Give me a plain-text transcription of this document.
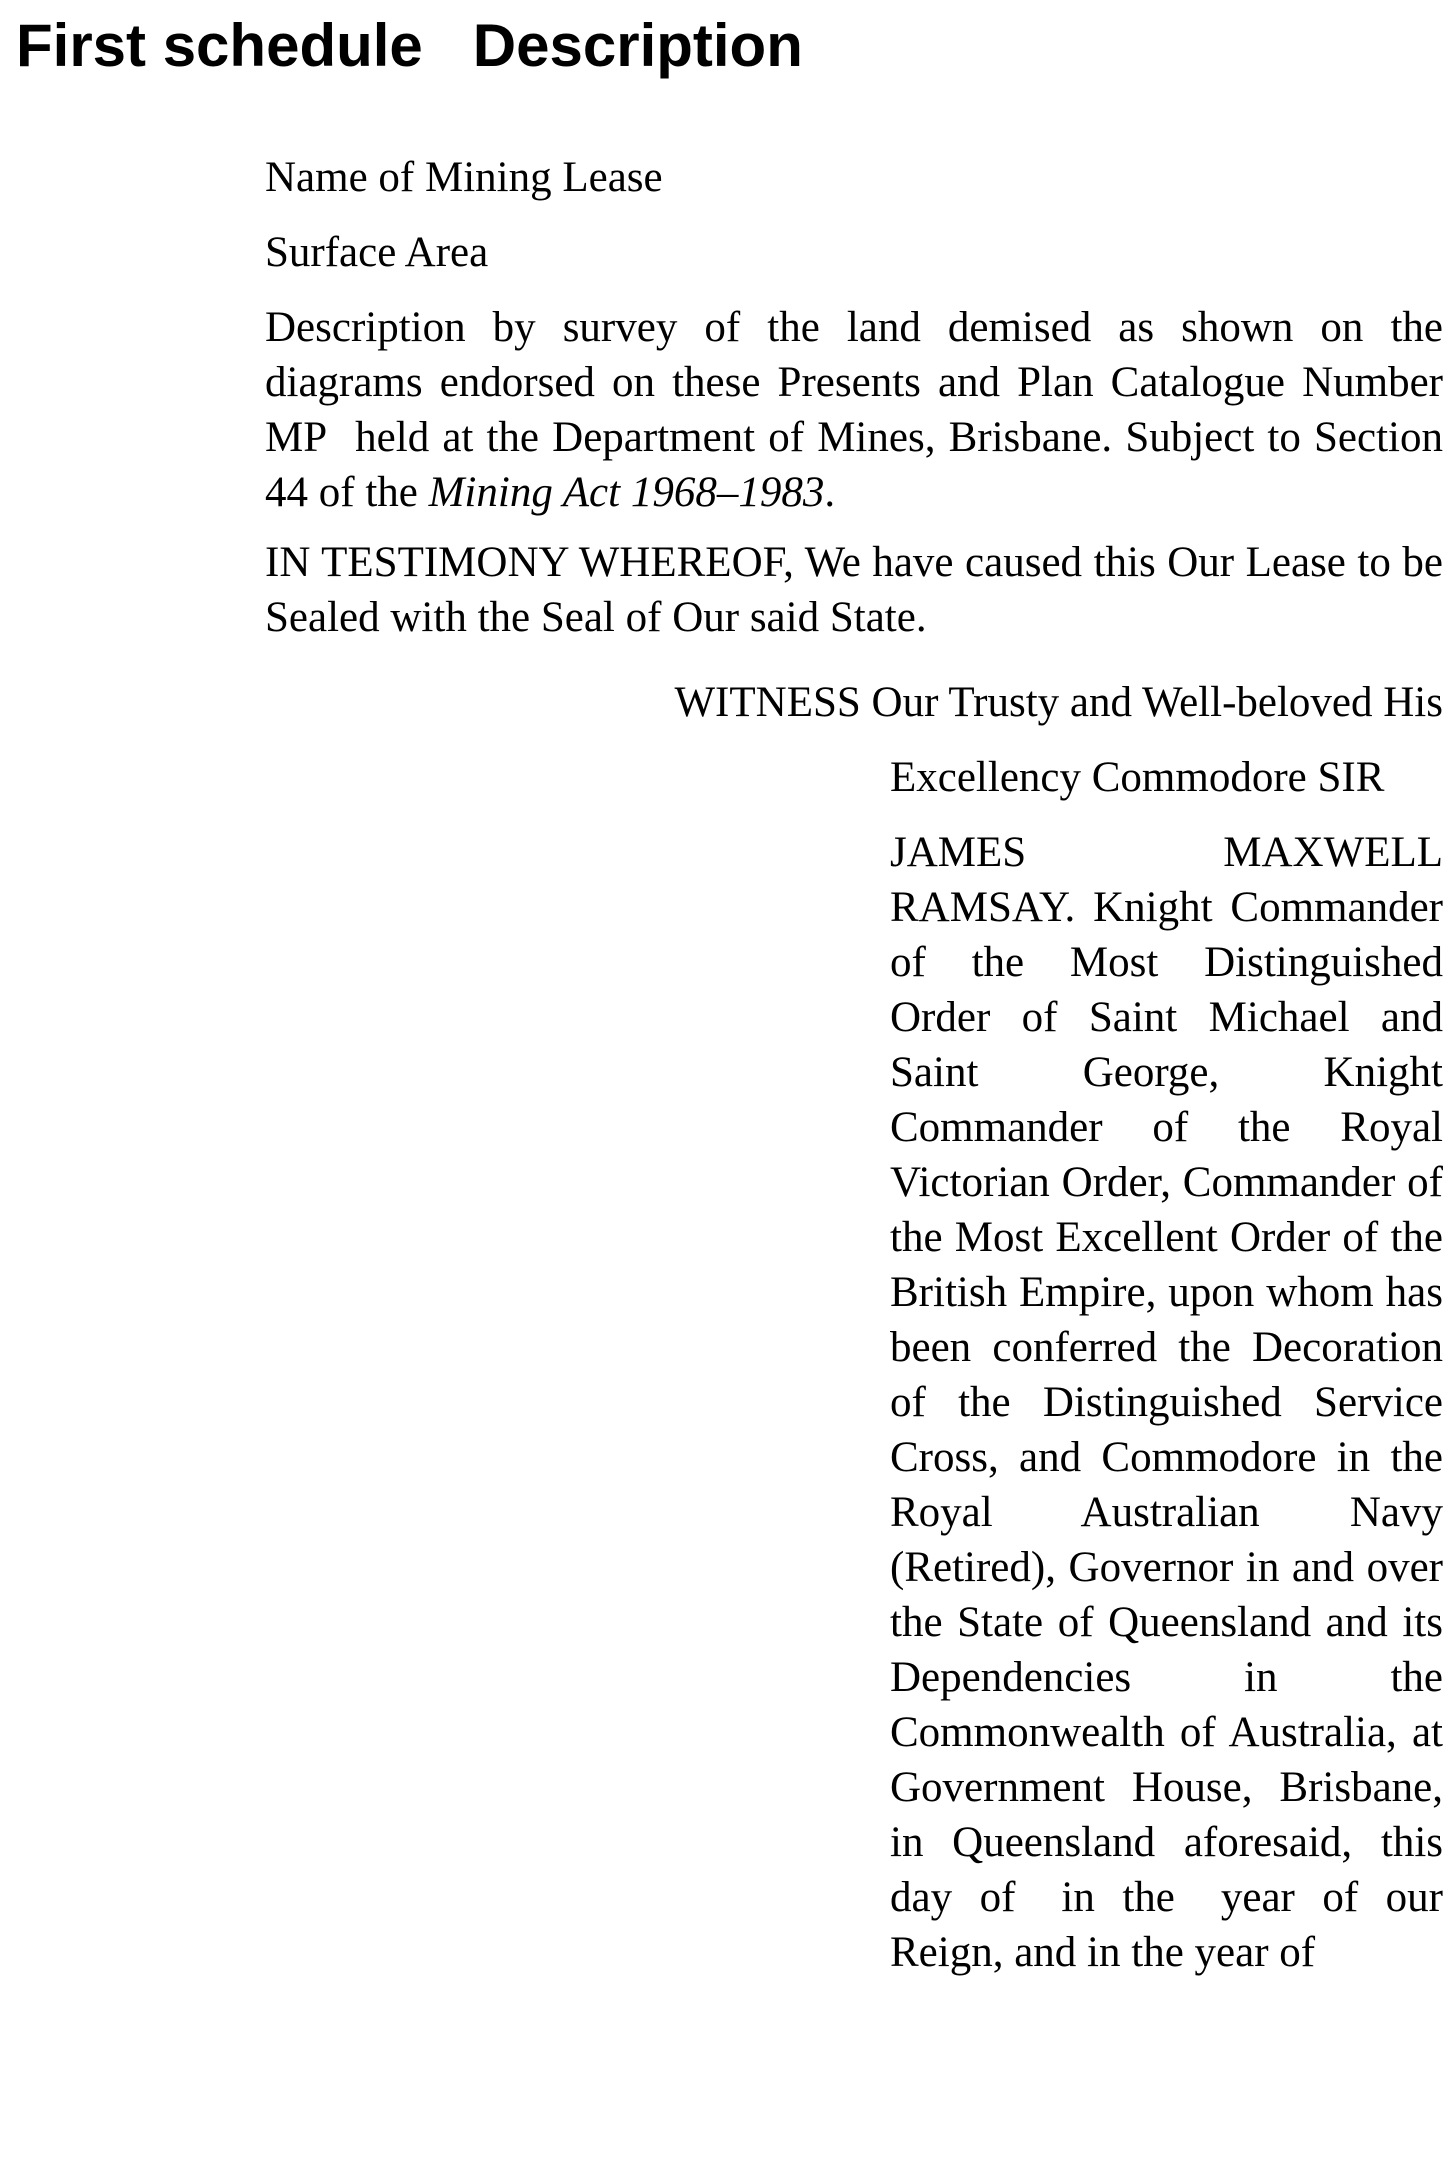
First schedule Description

Name of Mining Lease

Surface Area

Description by survey of the land demised as shown on the diagrams endorsed on these Presents and Plan Catalogue Number MP held at the Department of Mines, Brisbane. Subject to Section 44 of the Mining Act 1968–1983.

IN TESTIMONY WHEREOF, We have caused this Our Lease to be Sealed with the Seal of Our said State.

WITNESS Our Trusty and Well-beloved His

Excellency Commodore SIR

JAMES MAXWELL RAMSAY. Knight Commander of the Most Distinguished Order of Saint Michael and Saint George, Knight Commander of the Royal Victorian Order, Commander of the Most Excellent Order of the British Empire, upon whom has been conferred the Decoration of the Distinguished Service Cross, and Commodore in the Royal Australian Navy (Retired), Governor in and over the State of Queensland and its Dependencies in the Commonwealth of Australia, at Government House, Brisbane, in Queensland aforesaid, this day of in the year of our Reign, and in the year of
